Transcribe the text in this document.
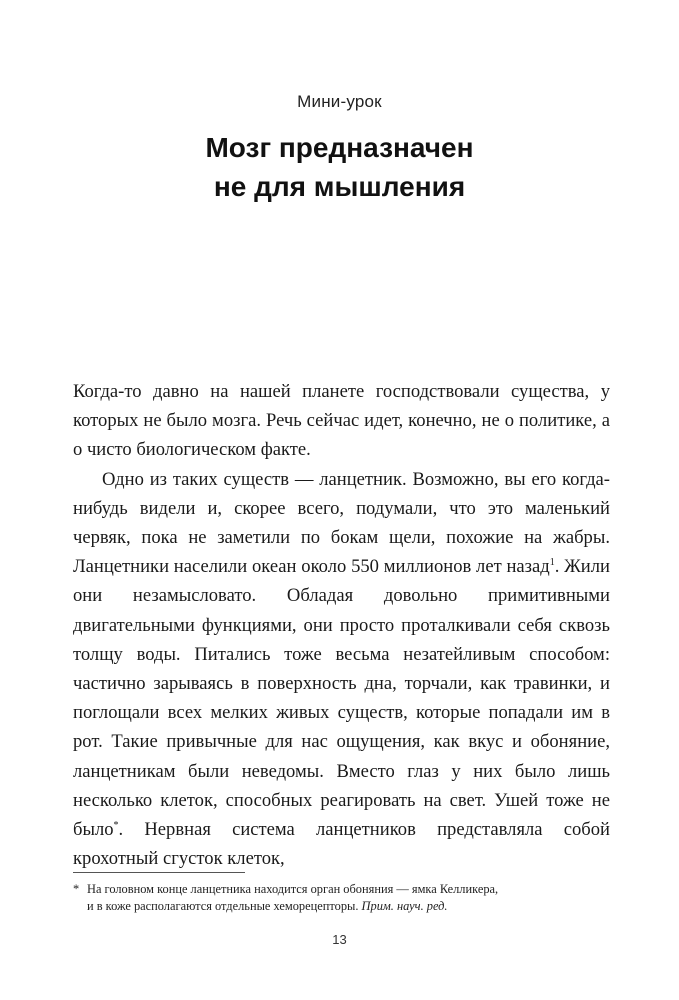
Мини-урок
Мозг предназначен
не для мышления

Когда-то давно на нашей планете господствовали существа, у которых не было мозга. Речь сейчас идет, конечно, не о политике, а о чисто биологическом факте.

Одно из таких существ — ланцетник. Возможно, вы его когда-нибудь видели и, скорее всего, подумали, что это маленький червяк, пока не заметили по бокам щели, похожие на жабры. Ланцетники населили океан около 550 миллионов лет назад$^1$. Жили они незамысловато. Обладая довольно примитивными двигательными функциями, они просто проталкивали себя сквозь толщу воды. Питались тоже весьма незатейливым способом: частично зарываясь в поверхность дна, торчали, как травинки, и поглощали всех мелких живых существ, которые попадали им в рот. Такие привычные для нас ощущения, как вкус и обоняние, ланцетникам были неведомы. Вместо глаз у них было лишь несколько клеток, способных реагировать на свет. Ушей тоже не было*. Нервная система ланцетников представляла собой крохотный сгусток клеток,

* На головном конце ланцетника находится орган обоняния — ямка Келликера,
и в коже располагаются отдельные хеморецепторы. Прим. науч. ред.
13
